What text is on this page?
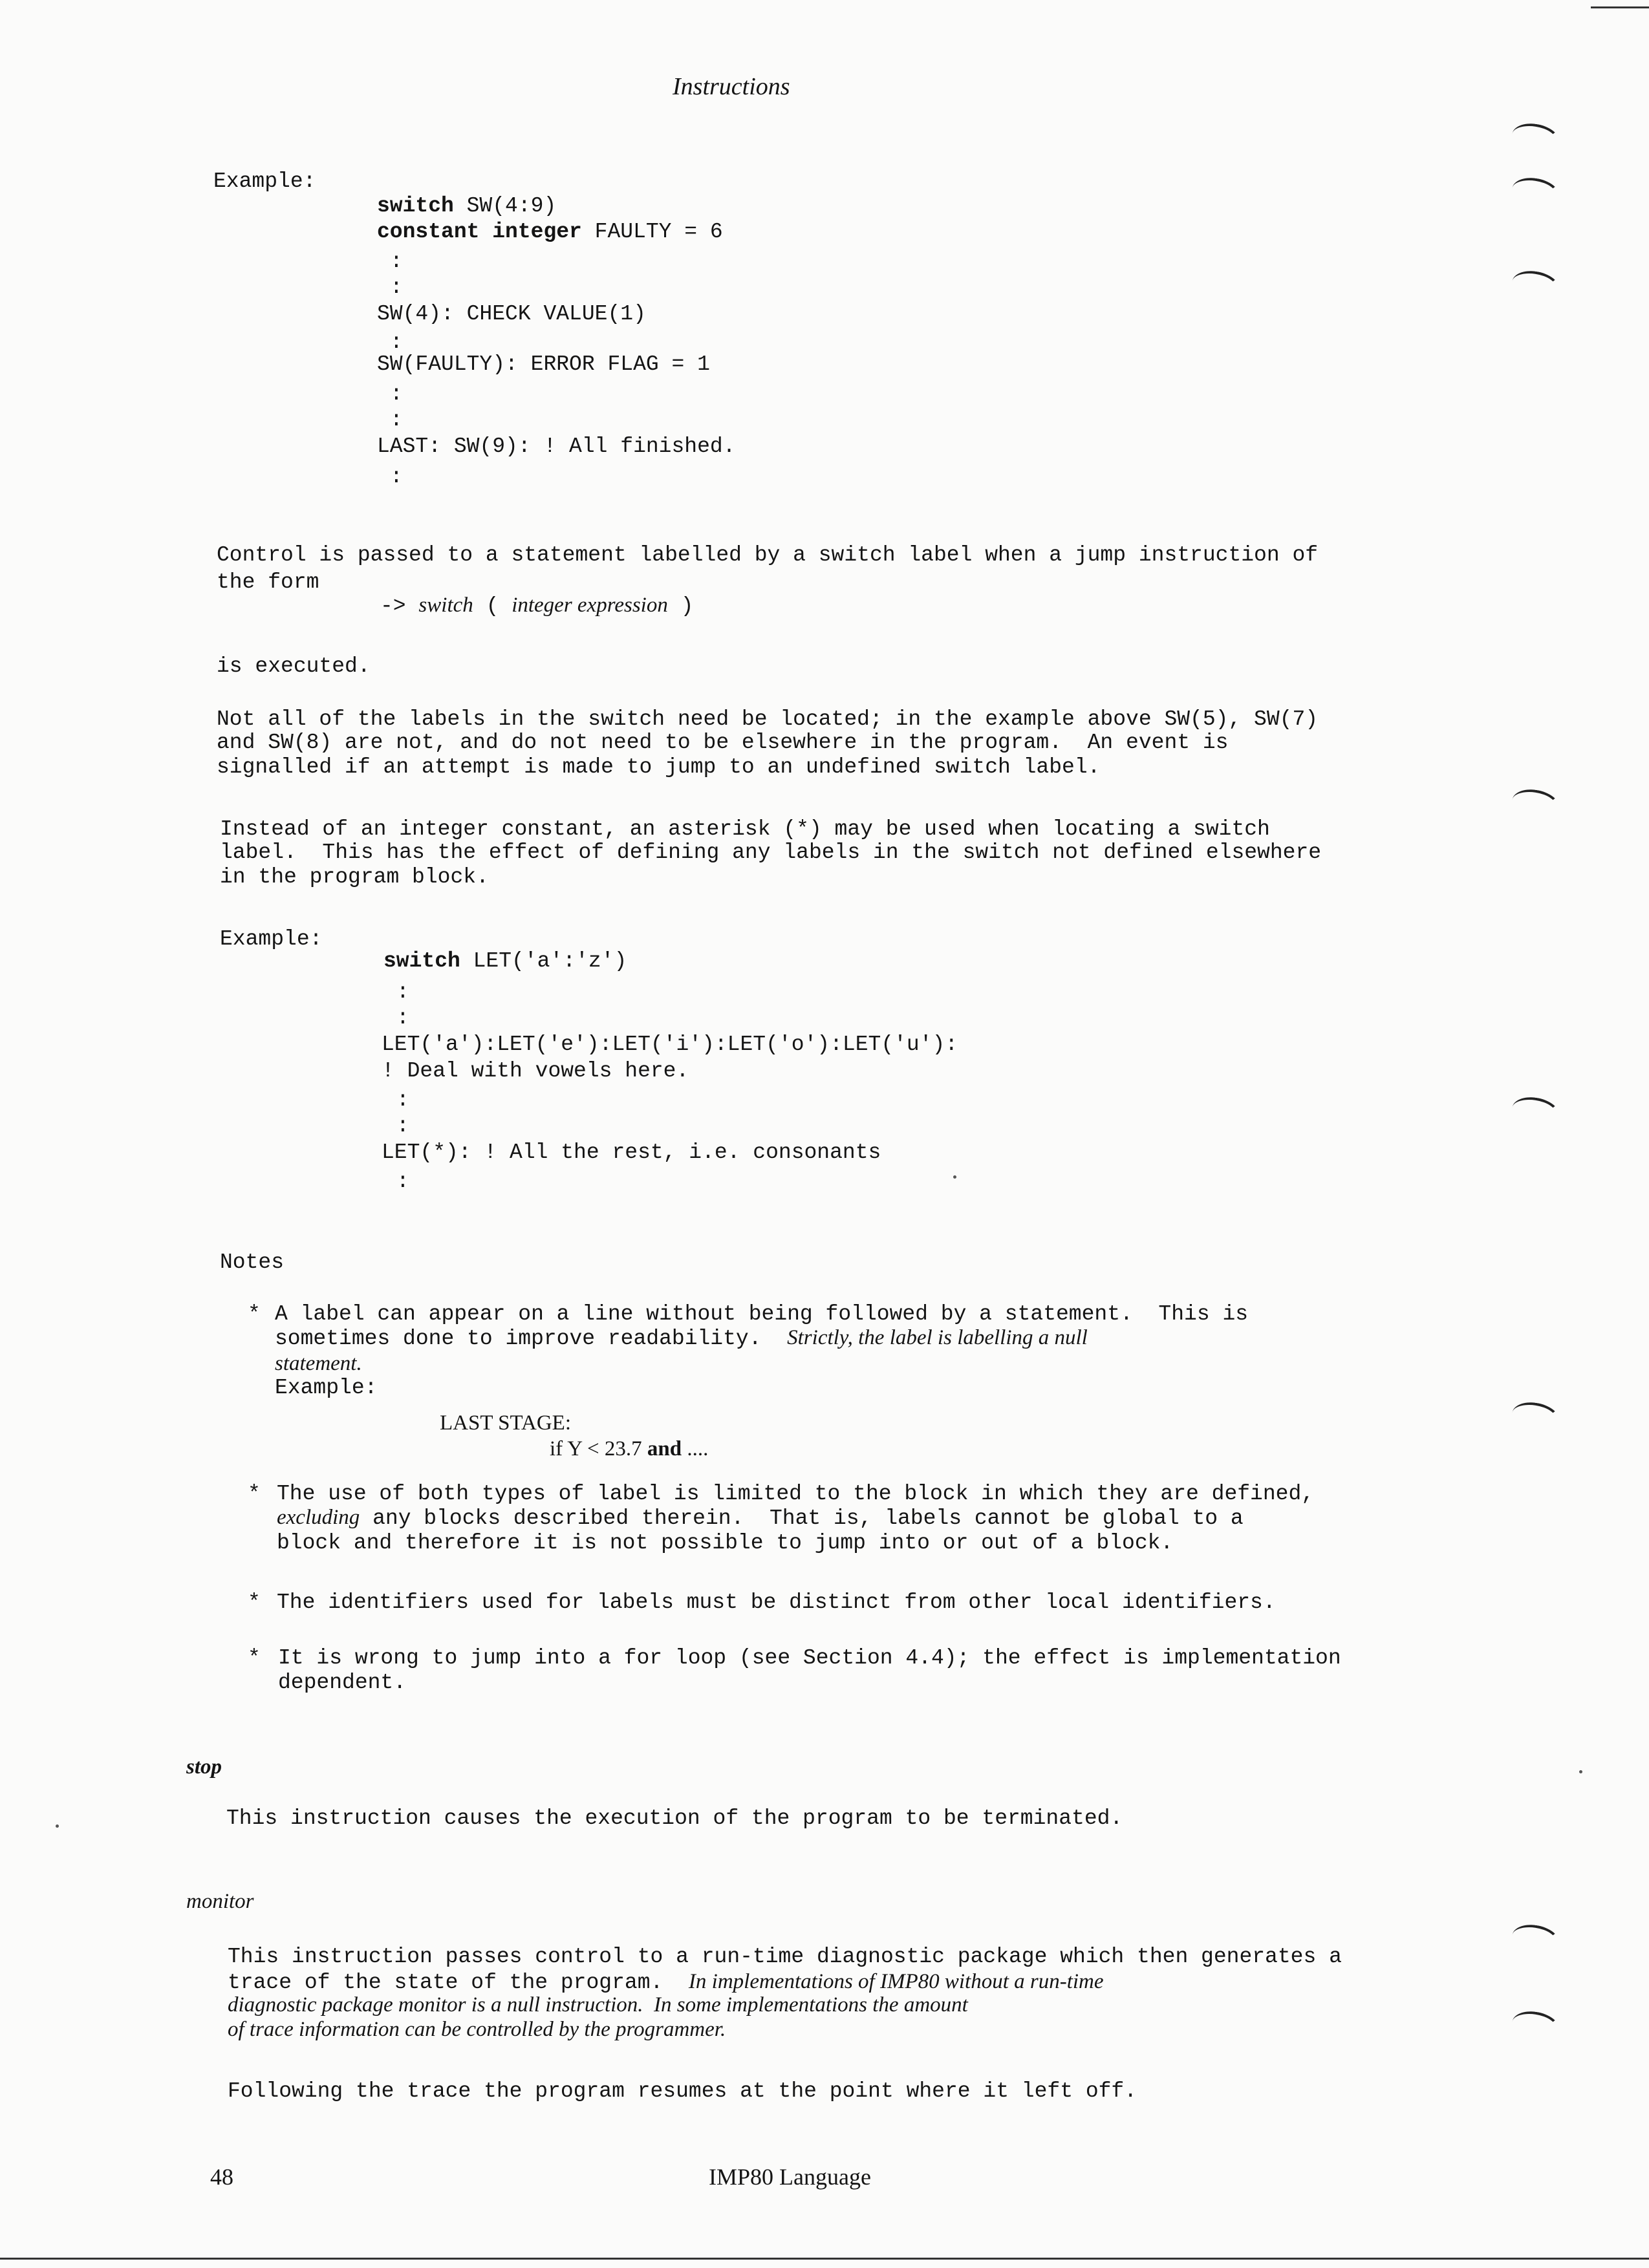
Instructions
Example:
switch SW(4:9)
constant integer FAULTY = 6
:
:
SW(4): CHECK VALUE(1)
:
SW(FAULTY): ERROR FLAG = 1
:
:
LAST: SW(9): ! All finished.
:
Control is passed to a statement labelled by a switch label when a jump instruction of
the form
-> switch ( integer expression )
is executed.
Not all of the labels in the switch need be located; in the example above SW(5), SW(7)
and SW(8) are not, and do not need to be elsewhere in the program.  An event is
signalled if an attempt is made to jump to an undefined switch label.
Instead of an integer constant, an asterisk (*) may be used when locating a switch
label.  This has the effect of defining any labels in the switch not defined elsewhere
in the program block.
Example:
switch LET('a':'z')
:
:
LET('a'):LET('e'):LET('i'):LET('o'):LET('u'):
! Deal with vowels here.
:
:
LET(*): ! All the rest, i.e. consonants
:
Notes
* A label can appear on a line without being followed by a statement.  This is
sometimes done to improve readability. Strictly, the label is labelling a null
statement.
Example:
LAST STAGE:
if Y < 23.7 and ....
* The use of both types of label is limited to the block in which they are defined,
excluding any blocks described therein.  That is, labels cannot be global to a
block and therefore it is not possible to jump into or out of a block.
* The identifiers used for labels must be distinct from other local identifiers.
* It is wrong to jump into a for loop (see Section 4.4); the effect is implementation
dependent.
stop
This instruction causes the execution of the program to be terminated.
monitor
This instruction passes control to a run-time diagnostic package which then generates a
trace of the state of the program. In implementations of IMP80 without a run-time
diagnostic package monitor is a null instruction.  In some implementations the amount
of trace information can be controlled by the programmer.
Following the trace the program resumes at the point where it left off.
48	IMP80 Language
